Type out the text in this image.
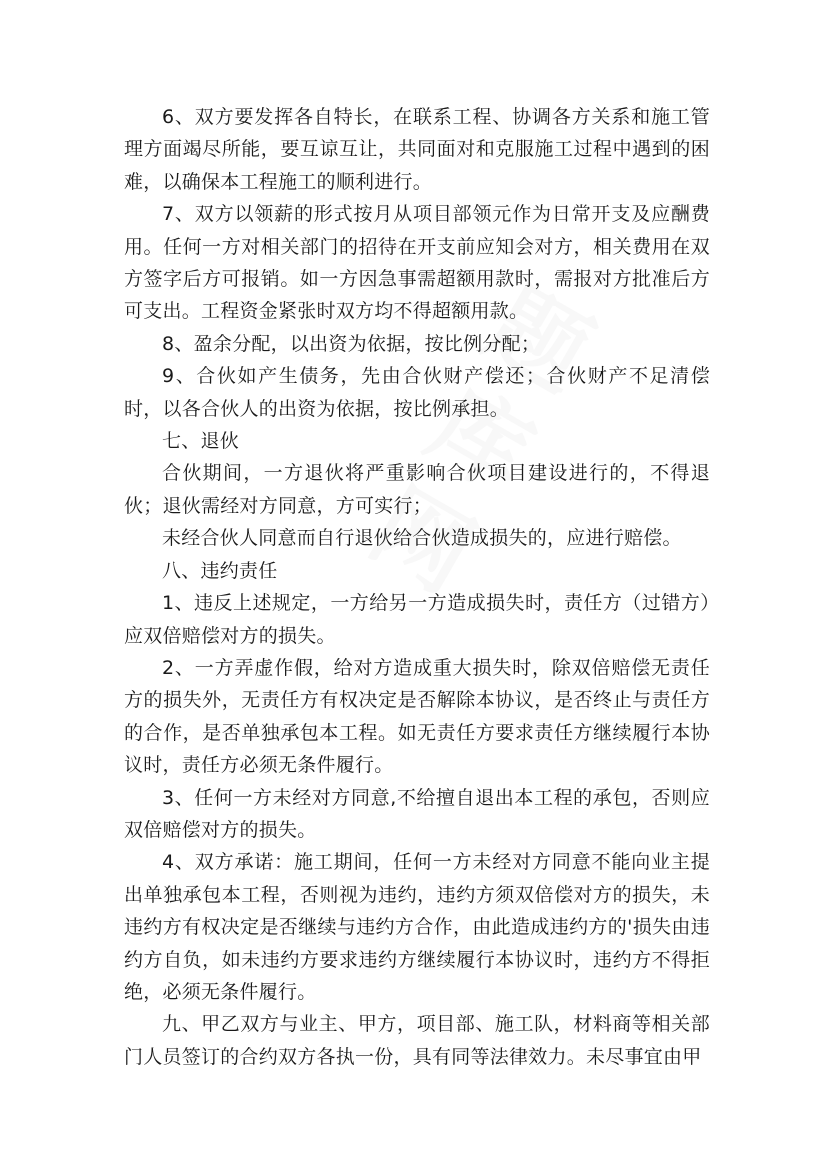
6、双方要发挥各自特长，在联系工程、协调各方关系和施工管理方面竭尽所能，要互谅互让，共同面对和克服施工过程中遇到的困难，以确保本工程施工的顺利进行。

7、双方以领薪的形式按月从项目部领元作为日常开支及应酬费用。任何一方对相关部门的招待在开支前应知会对方，相关费用在双方签字后方可报销。如一方因急事需超额用款时，需报对方批准后方可支出。工程资金紧张时双方均不得超额用款。

8、盈余分配，以出资为依据，按比例分配；

9、合伙如产生债务，先由合伙财产偿还；合伙财产不足清偿时，以各合伙人的出资为依据，按比例承担。

七、退伙

合伙期间，一方退伙将严重影响合伙项目建设进行的，不得退伙；退伙需经对方同意，方可实行；

未经合伙人同意而自行退伙给合伙造成损失的，应进行赔偿。

八、违约责任

1、违反上述规定，一方给另一方造成损失时，责任方（过错方）应双倍赔偿对方的损失。

2、一方弄虚作假，给对方造成重大损失时，除双倍赔偿无责任方的损失外，无责任方有权决定是否解除本协议，是否终止与责任方的合作，是否单独承包本工程。如无责任方要求责任方继续履行本协议时，责任方必须无条件履行。

3、任何一方未经对方同意,不给擅自退出本工程的承包，否则应双倍赔偿对方的损失。

4、双方承诺：施工期间，任何一方未经对方同意不能向业主提出单独承包本工程，否则视为违约，违约方须双倍偿对方的损失，未违约方有权决定是否继续与违约方合作，由此造成违约方的'损失由违约方自负，如未违约方要求违约方继续履行本协议时，违约方不得拒绝，必须无条件履行。

九、甲乙双方与业主、甲方，项目部、施工队，材料商等相关部门人员签订的合约双方各执一份，具有同等法律效力。未尽事宜由甲
